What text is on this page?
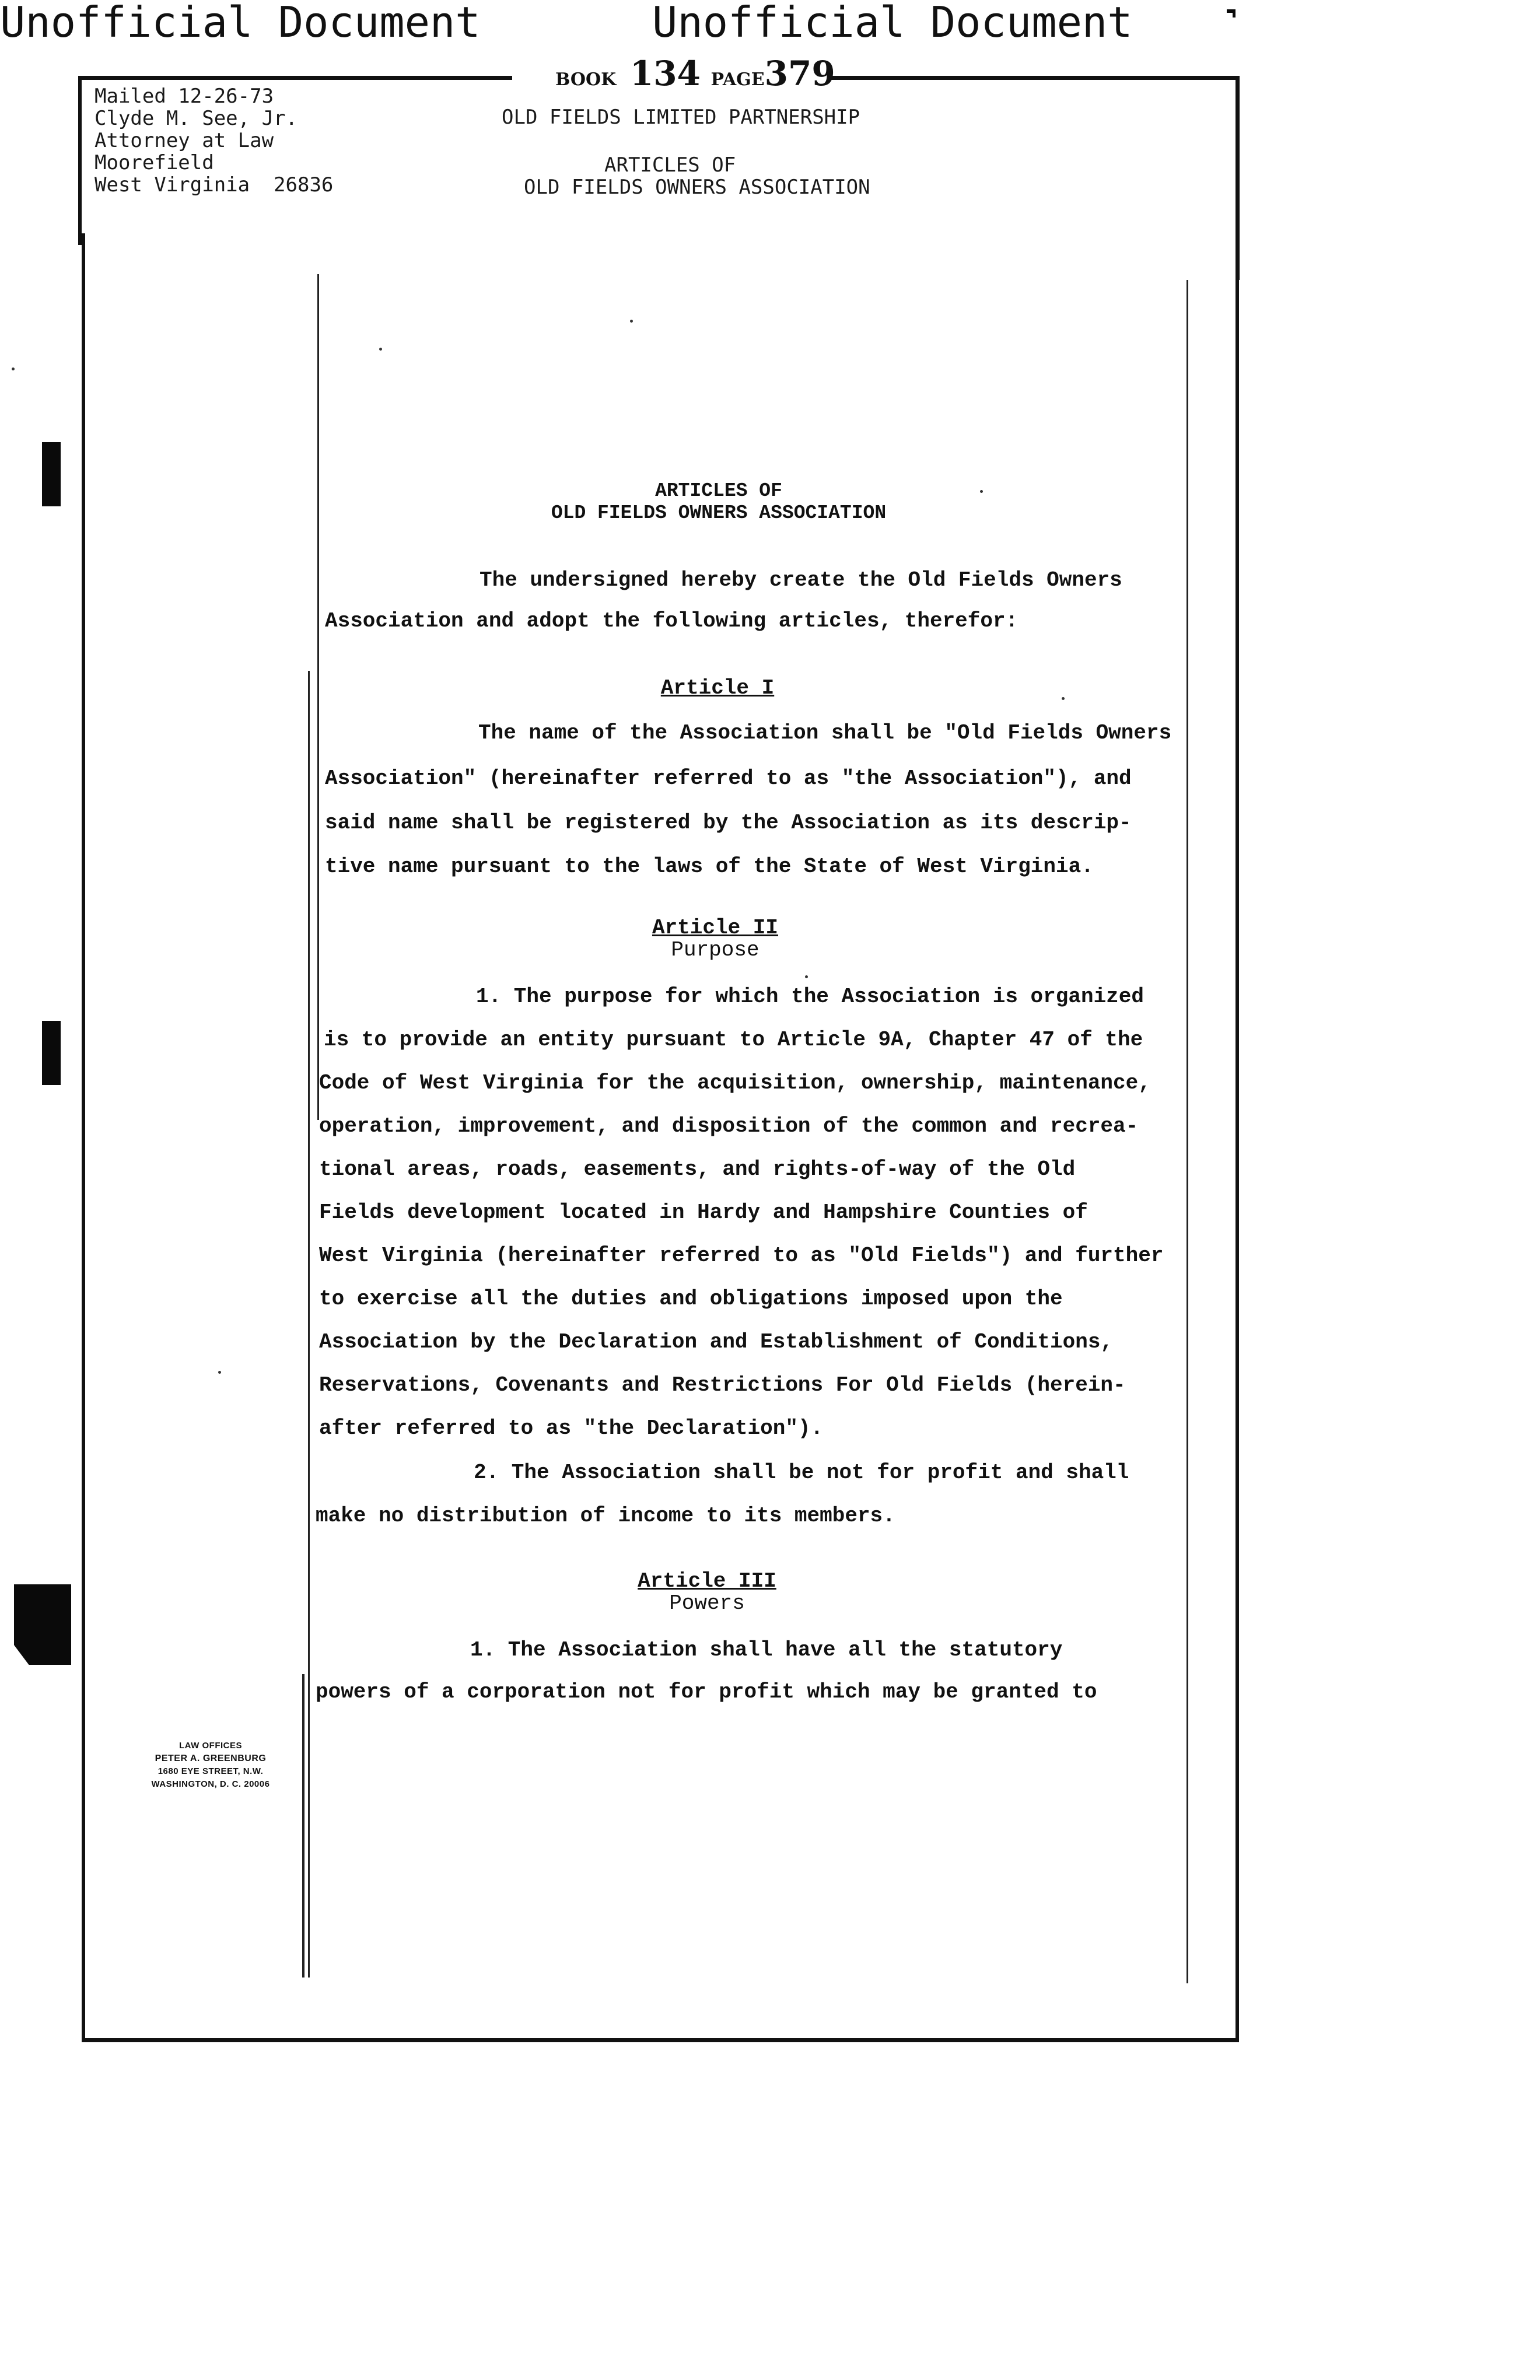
Unofficial Document	Unofficial Document
BOOK 134 PAGE379
Mailed 12-26-73
Clyde M. See, Jr.
Attorney at Law
Moorefield
West Virginia  26836
OLD FIELDS LIMITED PARTNERSHIP
ARTICLES OF
OLD FIELDS OWNERS ASSOCIATION
ARTICLES OF
OLD FIELDS OWNERS ASSOCIATION
The undersigned hereby create the Old Fields Owners
Association and adopt the following articles, therefor:
Article I
The name of the Association shall be "Old Fields Owners
Association" (hereinafter referred to as "the Association"), and
said name shall be registered by the Association as its descrip-
tive name pursuant to the laws of the State of West Virginia.
Article II
Purpose
1. The purpose for which the Association is organized
is to provide an entity pursuant to Article 9A, Chapter 47 of the
Code of West Virginia for the acquisition, ownership, maintenance,
operation, improvement, and disposition of the common and recrea-
tional areas, roads, easements, and rights-of-way of the Old
Fields development located in Hardy and Hampshire Counties of
West Virginia (hereinafter referred to as "Old Fields") and further
to exercise all the duties and obligations imposed upon the
Association by the Declaration and Establishment of Conditions,
Reservations, Covenants and Restrictions For Old Fields (herein-
after referred to as "the Declaration").
2. The Association shall be not for profit and shall
make no distribution of income to its members.
Article III
Powers
1. The Association shall have all the statutory
powers of a corporation not for profit which may be granted to
LAW OFFICES
PETER A. GREENBURG
1680 EYE STREET, N.W.
WASHINGTON, D. C. 20006
